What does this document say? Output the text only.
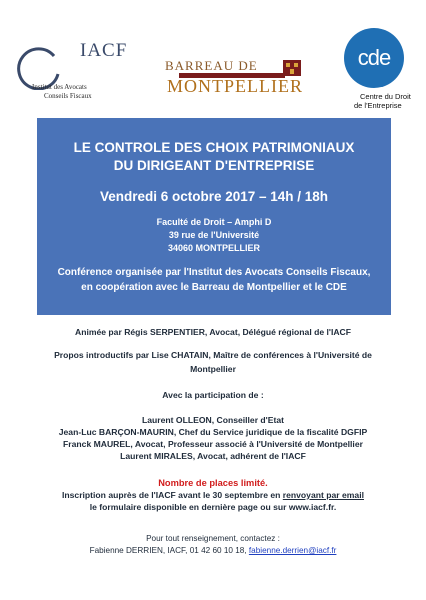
IACF
Institut des Avocats
Conseils Fiscaux
BARREAU DE
MONTPELLIER
cde
Centre du Droit
de l'Entreprise
LE CONTROLE DES CHOIX PATRIMONIAUX
DU DIRIGEANT D'ENTREPRISE
Vendredi 6 octobre 2017 – 14h / 18h
Faculté de Droit – Amphi D
39 rue de l'Université
34060 MONTPELLIER
Conférence organisée par l'Institut des Avocats Conseils Fiscaux,
en coopération avec le Barreau de Montpellier et le CDE

Animée par Régis SERPENTIER, Avocat, Délégué régional de l'IACF

Propos introductifs par Lise CHATAIN, Maître de conférences à l'Université de
Montpellier

Avec la participation de :

Laurent OLLEON, Conseiller d'Etat
Jean-Luc BARÇON-MAURIN, Chef du Service juridique de la fiscalité DGFIP
Franck MAUREL, Avocat, Professeur associé à l'Université de Montpellier
Laurent MIRALES, Avocat, adhérent de l'IACF

Nombre de places limité.

Inscription auprès de l'IACF avant le 30 septembre en renvoyant par email
le formulaire disponible en dernière page ou sur www.iacf.fr.
Pour tout renseignement, contactez :
Fabienne DERRIEN, IACF, 01 42 60 10 18, fabienne.derrien@iacf.fr
